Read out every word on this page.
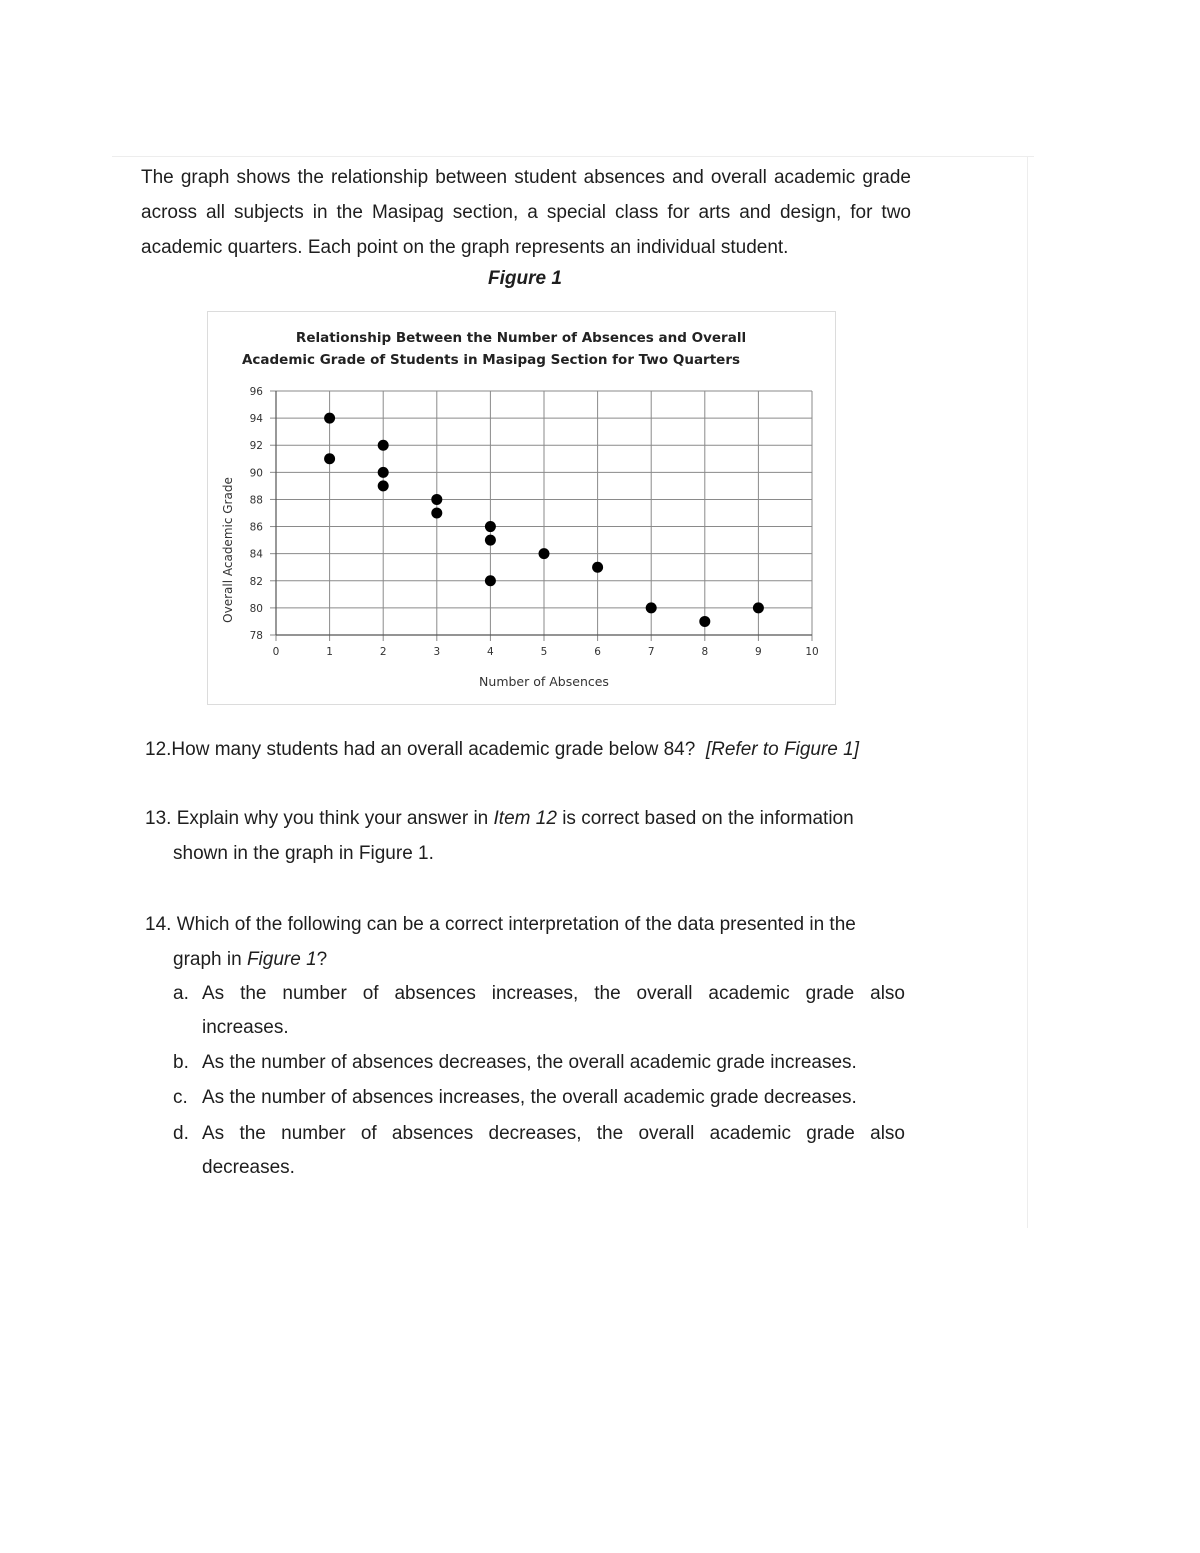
The graph shows the relationship between student absences and overall academic grade across all subjects in the Masipag section, a special class for arts and design, for two academic quarters. Each point on the graph represents an individual student.

Figure 1

78
80
82
84
86
88
90
92
94
96
0	1	2	3	4	5	6	7	8	9	10
Relationship Between the Number of Absences and Overall
Academic Grade of Students in Masipag Section for Two Quarters
Number of Absences
Overall Academic Grade

12.How many students had an overall academic grade below 84? [Refer to Figure 1]

13. Explain why you think your answer in Item 12 is correct based on the information
shown in the graph in Figure 1.

14. Which of the following can be a correct interpretation of the data presented in the
graph in Figure 1?

a. As the number of absences increases, the overall academic grade also
increases.

b. As the number of absences decreases, the overall academic grade increases.

c. As the number of absences increases, the overall academic grade decreases.

d. As the number of absences decreases, the overall academic grade also
decreases.
